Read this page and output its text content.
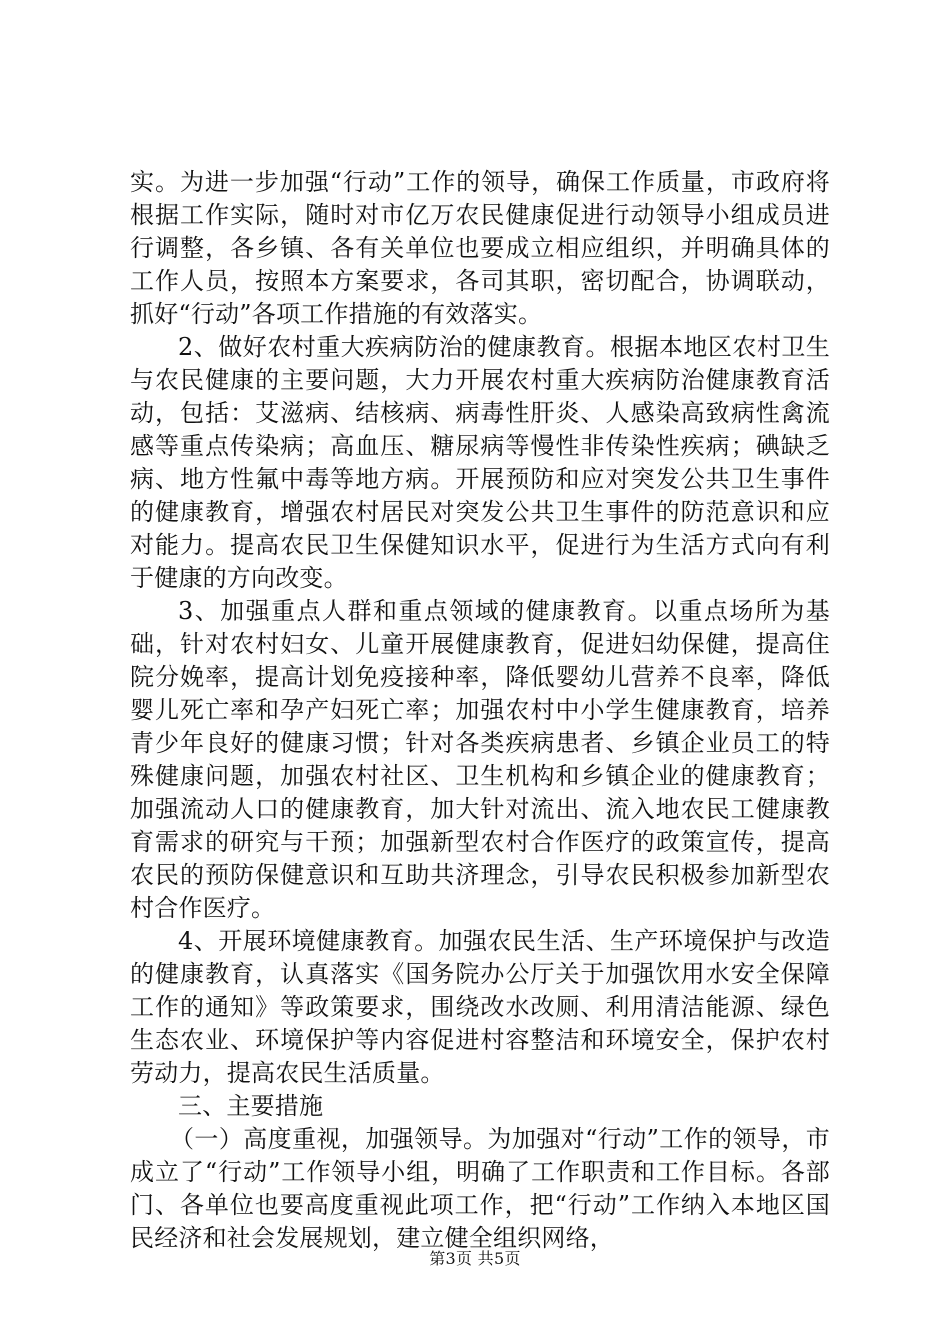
实。为进一步加强“行动”工作的领导，确保工作质量，市政府将根据工作实际，随时对市亿万农民健康促进行动领导小组成员进行调整，各乡镇、各有关单位也要成立相应组织，并明确具体的工作人员，按照本方案要求，各司其职，密切配合，协调联动，抓好“行动”各项工作措施的有效落实。

2、做好农村重大疾病防治的健康教育。根据本地区农村卫生与农民健康的主要问题，大力开展农村重大疾病防治健康教育活动，包括：艾滋病、结核病、病毒性肝炎、人感染高致病性禽流感等重点传染病；高血压、糖尿病等慢性非传染性疾病；碘缺乏病、地方性氟中毒等地方病。开展预防和应对突发公共卫生事件的健康教育，增强农村居民对突发公共卫生事件的防范意识和应对能力。提高农民卫生保健知识水平，促进行为生活方式向有利于健康的方向改变。

3、加强重点人群和重点领域的健康教育。以重点场所为基础，针对农村妇女、儿童开展健康教育，促进妇幼保健，提高住院分娩率，提高计划免疫接种率，降低婴幼儿营养不良率，降低婴儿死亡率和孕产妇死亡率；加强农村中小学生健康教育，培养青少年良好的健康习惯；针对各类疾病患者、乡镇企业员工的特殊健康问题，加强农村社区、卫生机构和乡镇企业的健康教育；加强流动人口的健康教育，加大针对流出、流入地农民工健康教育需求的研究与干预；加强新型农村合作医疗的政策宣传，提高农民的预防保健意识和互助共济理念，引导农民积极参加新型农村合作医疗。

4、开展环境健康教育。加强农民生活、生产环境保护与改造的健康教育，认真落实《国务院办公厅关于加强饮用水安全保障工作的通知》等政策要求，围绕改水改厕、利用清洁能源、绿色生态农业、环境保护等内容促进村容整洁和环境安全，保护农村劳动力，提高农民生活质量。

三、主要措施

（一）高度重视，加强领导。为加强对“行动”工作的领导，市成立了“行动”工作领导小组，明确了工作职责和工作目标。各部门、各单位也要高度重视此项工作，把“行动”工作纳入本地区国民经济和社会发展规划，建立健全组织网络，

第3页 共5页
